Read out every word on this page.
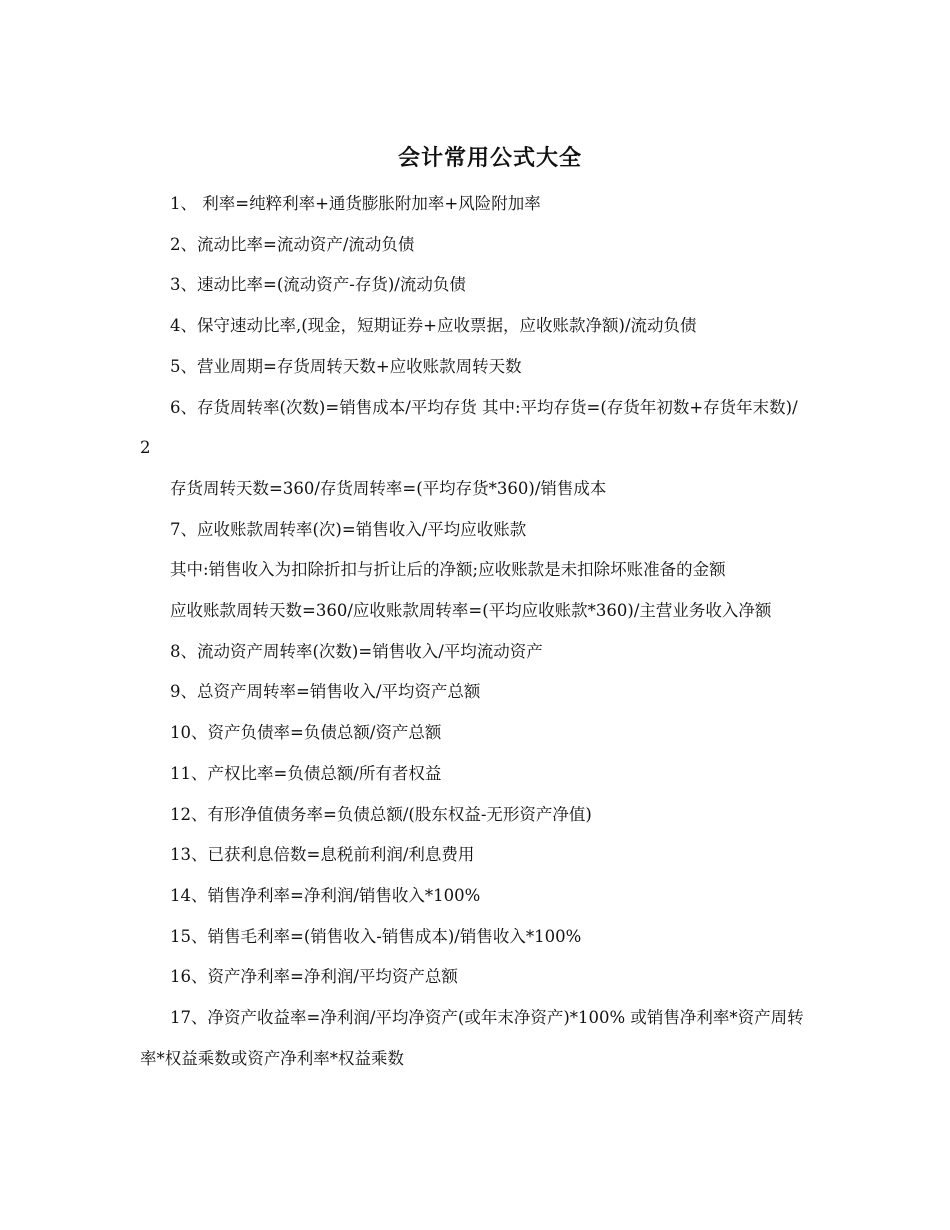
会计常用公式大全

1、 利率=纯粹利率+通货膨胀附加率+风险附加率

2、流动比率=流动资产/流动负债

3、速动比率=(流动资产-存货)/流动负债

4、保守速动比率,(现金，短期证券+应收票据，应收账款净额)/流动负债

5、营业周期=存货周转天数+应收账款周转天数

6、存货周转率(次数)=销售成本/平均存货 其中:平均存货=(存货年初数+存货年末数)/2

存货周转天数=360/存货周转率=(平均存货*360)/销售成本

7、应收账款周转率(次)=销售收入/平均应收账款

其中:销售收入为扣除折扣与折让后的净额;应收账款是未扣除坏账准备的金额

应收账款周转天数=360/应收账款周转率=(平均应收账款*360)/主营业务收入净额

8、流动资产周转率(次数)=销售收入/平均流动资产

9、总资产周转率=销售收入/平均资产总额

10、资产负债率=负债总额/资产总额

11、产权比率=负债总额/所有者权益

12、有形净值债务率=负债总额/(股东权益-无形资产净值)

13、已获利息倍数=息税前利润/利息费用

14、销售净利率=净利润/销售收入*100%

15、销售毛利率=(销售收入-销售成本)/销售收入*100%

16、资产净利率=净利润/平均资产总额

17、净资产收益率=净利润/平均净资产(或年末净资产)*100% 或销售净利率*资产周转率*权益乘数或资产净利率*权益乘数
